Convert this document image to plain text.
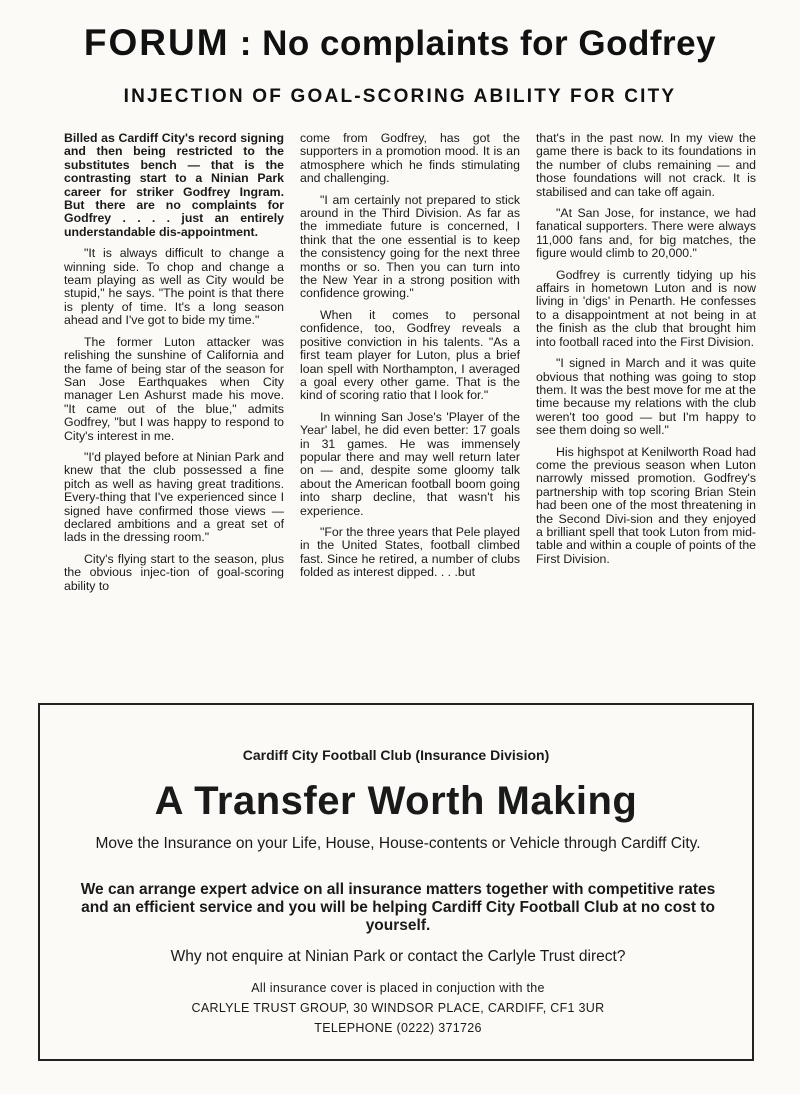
FORUM : No complaints for Godfrey
INJECTION OF GOAL-SCORING ABILITY FOR CITY

Billed as Cardiff City's record signing and then being restricted to the substitutes bench — that is the contrasting start to a Ninian Park career for striker Godfrey Ingram. But there are no complaints for Godfrey . . . . just an entirely understandable dis-appointment.

"It is always difficult to change a winning side. To chop and change a team playing as well as City would be stupid," he says. "The point is that there is plenty of time. It's a long season ahead and I've got to bide my time."

The former Luton attacker was relishing the sunshine of California and the fame of being star of the season for San Jose Earthquakes when City manager Len Ashurst made his move. "It came out of the blue," admits Godfrey, "but I was happy to respond to City's interest in me.

"I'd played before at Ninian Park and knew that the club possessed a fine pitch as well as having great traditions. Every-thing that I've experienced since I signed have confirmed those views — declared ambitions and a great set of lads in the dressing room."

City's flying start to the season, plus the obvious injec-tion of goal-scoring ability to

come from Godfrey, has got the supporters in a promotion mood. It is an atmosphere which he finds stimulating and challenging.

"I am certainly not prepared to stick around in the Third Division. As far as the immediate future is concerned, I think that the one essential is to keep the consistency going for the next three months or so. Then you can turn into the New Year in a strong position with confidence growing."

When it comes to personal confidence, too, Godfrey reveals a positive conviction in his talents. "As a first team player for Luton, plus a brief loan spell with Northampton, I averaged a goal every other game. That is the kind of scoring ratio that I look for."

In winning San Jose's 'Player of the Year' label, he did even better: 17 goals in 31 games. He was immensely popular there and may well return later on — and, despite some gloomy talk about the American football boom going into sharp decline, that wasn't his experience.

"For the three years that Pele played in the United States, football climbed fast. Since he retired, a number of clubs folded as interest dipped. . . .but

that's in the past now. In my view the game there is back to its foundations in the number of clubs remaining — and those foundations will not crack. It is stabilised and can take off again.

"At San Jose, for instance, we had fanatical supporters. There were always 11,000 fans and, for big matches, the figure would climb to 20,000."

Godfrey is currently tidying up his affairs in hometown Luton and is now living in 'digs' in Penarth. He confesses to a disappointment at not being in at the finish as the club that brought him into football raced into the First Division.

"I signed in March and it was quite obvious that nothing was going to stop them. It was the best move for me at the time because my relations with the club weren't too good — but I'm happy to see them doing so well."

His highspot at Kenilworth Road had come the previous season when Luton narrowly missed promotion. Godfrey's partnership with top scoring Brian Stein had been one of the most threatening in the Second Divi-sion and they enjoyed a brilliant spell that took Luton from mid-table and within a couple of points of the First Division.

Cardiff City Football Club (Insurance Division)
A Transfer Worth Making
Move the Insurance on your Life, House, House-contents or Vehicle through Cardiff City.
We can arrange expert advice on all insurance matters together with competitive rates and an efficient service and you will be helping Cardiff City Football Club at no cost to yourself.
Why not enquire at Ninian Park or contact the Carlyle Trust direct?
All insurance cover is placed in conjuction with the
CARLYLE TRUST GROUP, 30 WINDSOR PLACE, CARDIFF, CF1 3UR
TELEPHONE (0222) 371726
